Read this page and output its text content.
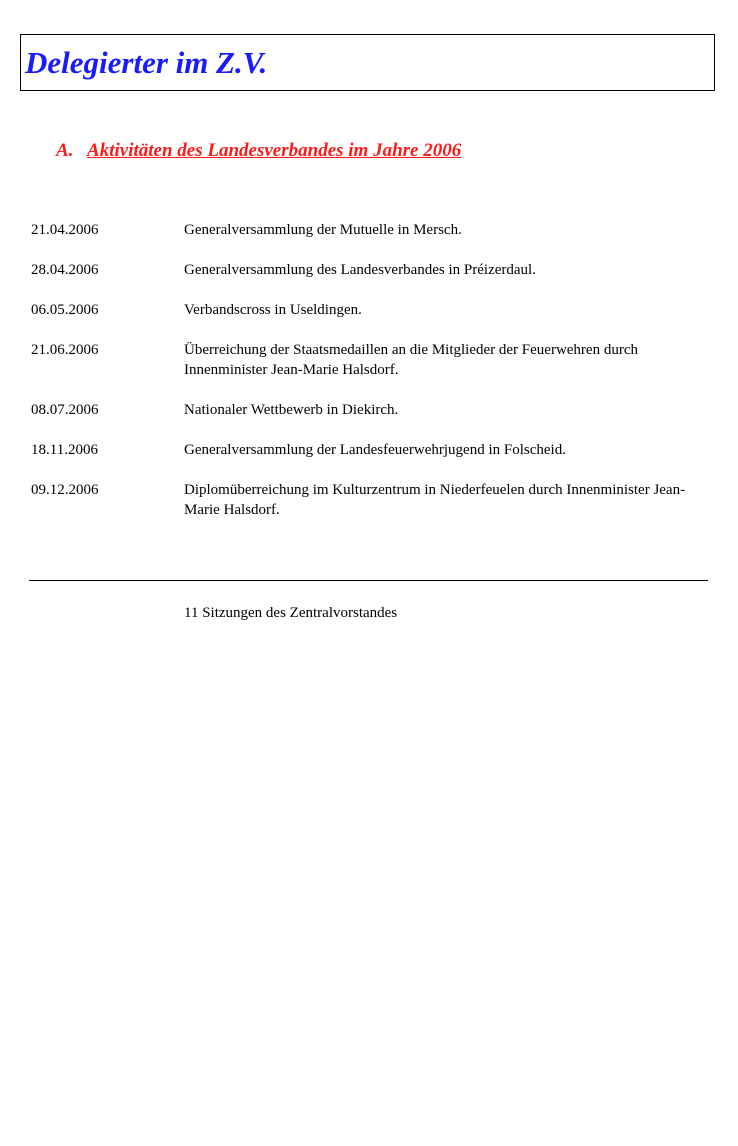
Delegierter im Z.V.
A. Aktivitäten des Landesverbandes im Jahre 2006
21.04.2006	Generalversammlung der Mutuelle in Mersch.
28.04.2006	Generalversammlung des Landesverbandes in Préizerdaul.
06.05.2006	Verbandscross in Useldingen.
21.06.2006	Überreichung der Staatsmedaillen an die Mitglieder der Feuerwehren durch Innenminister Jean-Marie Halsdorf.
08.07.2006	Nationaler Wettbewerb in Diekirch.
18.11.2006	Generalversammlung der Landesfeuerwehrjugend in Folscheid.
09.12.2006	Diplomüberreichung im Kulturzentrum in Niederfeuelen durch Innenminister Jean-Marie Halsdorf.
11 Sitzungen des Zentralvorstandes
